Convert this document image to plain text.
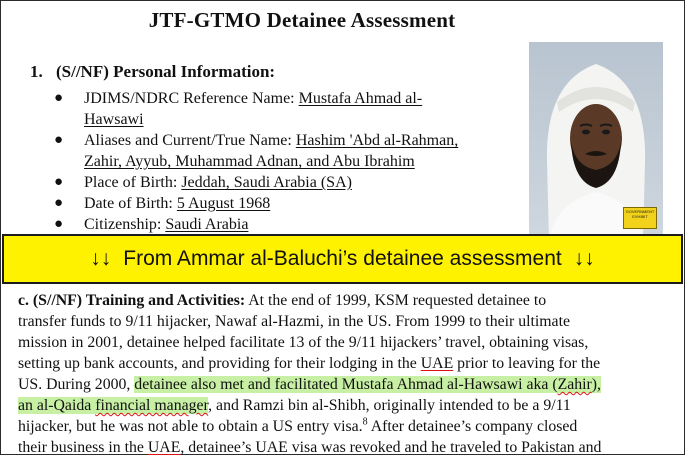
JTF-GTMO Detainee Assessment
1. (S//NF) Personal Information:
● JDIMS/NDRC Reference Name: Mustafa Ahmad al-
Hawsawi
● Aliases and Current/True Name: Hashim 'Abd al-Rahman,
Zahir, Ayyub, Muhammad Adnan, and Abu Ibrahim
● Place of Birth: Jeddah, Saudi Arabia (SA)
● Date of Birth: 5 August 1968
● Citizenship: Saudi Arabia
GOVERNMENT
EXHIBIT
↓↓ From Ammar al-Baluchi’s detainee assessment ↓↓
c. (S//NF) Training and Activities: At the end of 1999, KSM requested detainee to
transfer funds to 9/11 hijacker, Nawaf al-Hazmi, in the US. From 1999 to their ultimate
mission in 2001, detainee helped facilitate 13 of the 9/11 hijackers’ travel, obtaining visas,
setting up bank accounts, and providing for their lodging in the UAE prior to leaving for the
US. During 2000, detainee also met and facilitated Mustafa Ahmad al-Hawsawi aka (Zahir),
an al-Qaida financial manager, and Ramzi bin al-Shibh, originally intended to be a 9/11
hijacker, but he was not able to obtain a US entry visa.$^8$ After detainee’s company closed
their business in the UAE, detainee’s UAE visa was revoked and he traveled to Pakistan and
